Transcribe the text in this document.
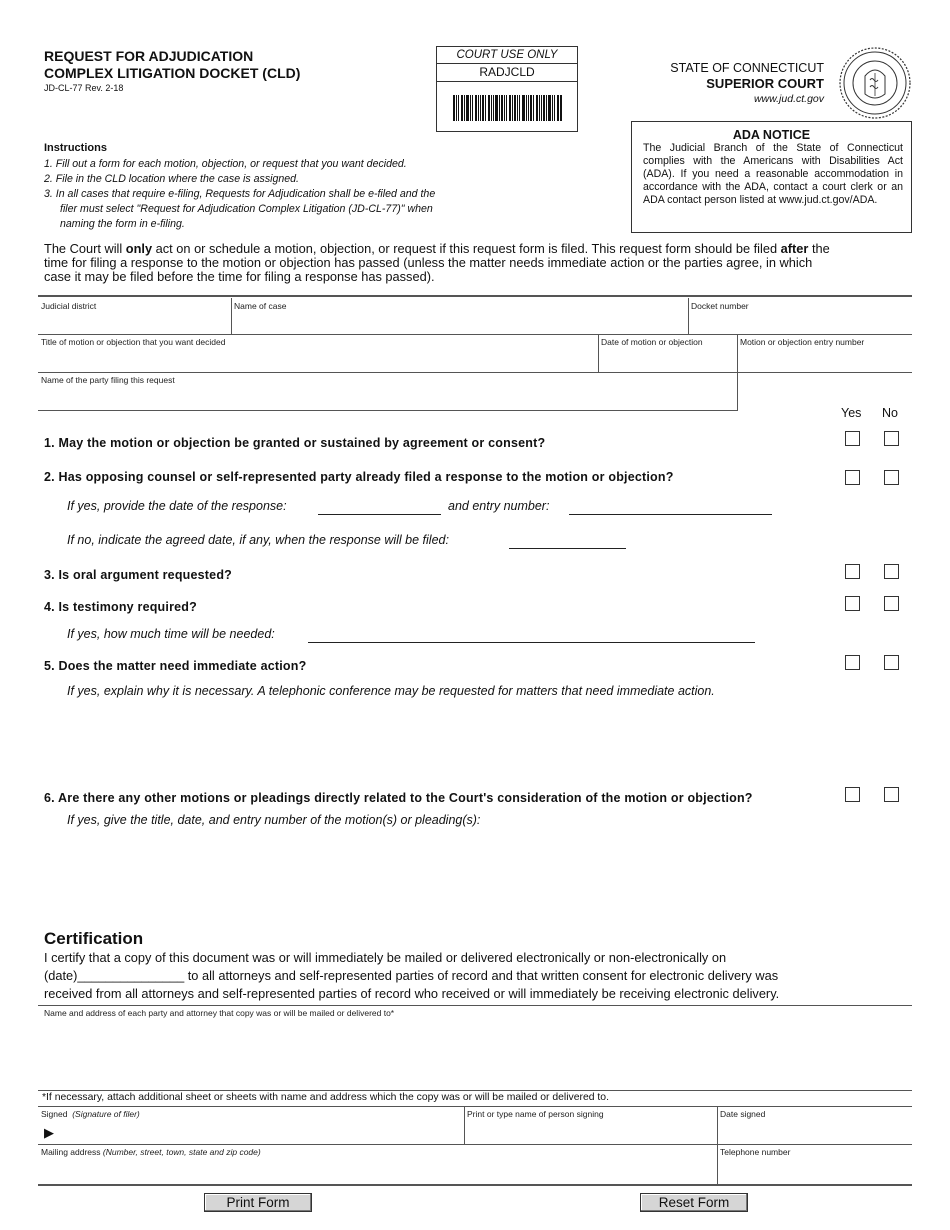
REQUEST FOR ADJUDICATION
COMPLEX LITIGATION DOCKET (CLD)
JD-CL-77 Rev. 2-18
COURT USE ONLY
RADJCLD	STATE OF CONNECTICUT
SUPERIOR COURT
www.jud.ct.gov
ADA NOTICE
The Judicial Branch of the State of Connecticut complies with the Americans with Disabilities Act (ADA). If you need a reasonable accommodation in accordance with the ADA, contact a court clerk or an ADA contact person listed at www.jud.ct.gov/ADA.
Instructions
1. Fill out a form for each motion, objection, or request that you want decided.
2. File in the CLD location where the case is assigned.
3. In all cases that require e-filing, Requests for Adjudication shall be e-filed and the
filer must select "Request for Adjudication Complex Litigation (JD-CL-77)" when
naming the form in e-filing.
The Court will only act on or schedule a motion, objection, or request if this request form is filed. This request form should be filed after the
time for filing a response to the motion or objection has passed (unless the matter needs immediate action or the parties agree, in which
case it may be filed before the time for filing a response has passed).
Judicial district	Name of case	Docket number
Title of motion or objection that you want decided	Date of motion or objection	Motion or objection entry number
Name of the party filing this request
Yes No
1. May the motion or objection be granted or sustained by agreement or consent?
2. Has opposing counsel or self-represented party already filed a response to the motion or objection?
If yes, provide the date of the response:	and entry number:
If no, indicate the agreed date, if any, when the response will be filed:
3. Is oral argument requested?
4. Is testimony required?
If yes, how much time will be needed:
5. Does the matter need immediate action?
If yes, explain why it is necessary. A telephonic conference may be requested for matters that need immediate action.
6. Are there any other motions or pleadings directly related to the Court's consideration of the motion or objection?
If yes, give the title, date, and entry number of the motion(s) or pleading(s):
Certification
I certify that a copy of this document was or will immediately be mailed or delivered electronically or non-electronically on
(date)_______________ to all attorneys and self-represented parties of record and that written consent for electronic delivery was
received from all attorneys and self-represented parties of record who received or will immediately be receiving electronic delivery.
Name and address of each party and attorney that copy was or will be mailed or delivered to*
*If necessary, attach additional sheet or sheets with name and address which the copy was or will be mailed or delivered to.
Signed (Signature of filer)
▶
Print or type name of person signing	Date signed
Mailing address (Number, street, town, state and zip code)	Telephone number
Print Form	Reset Form
